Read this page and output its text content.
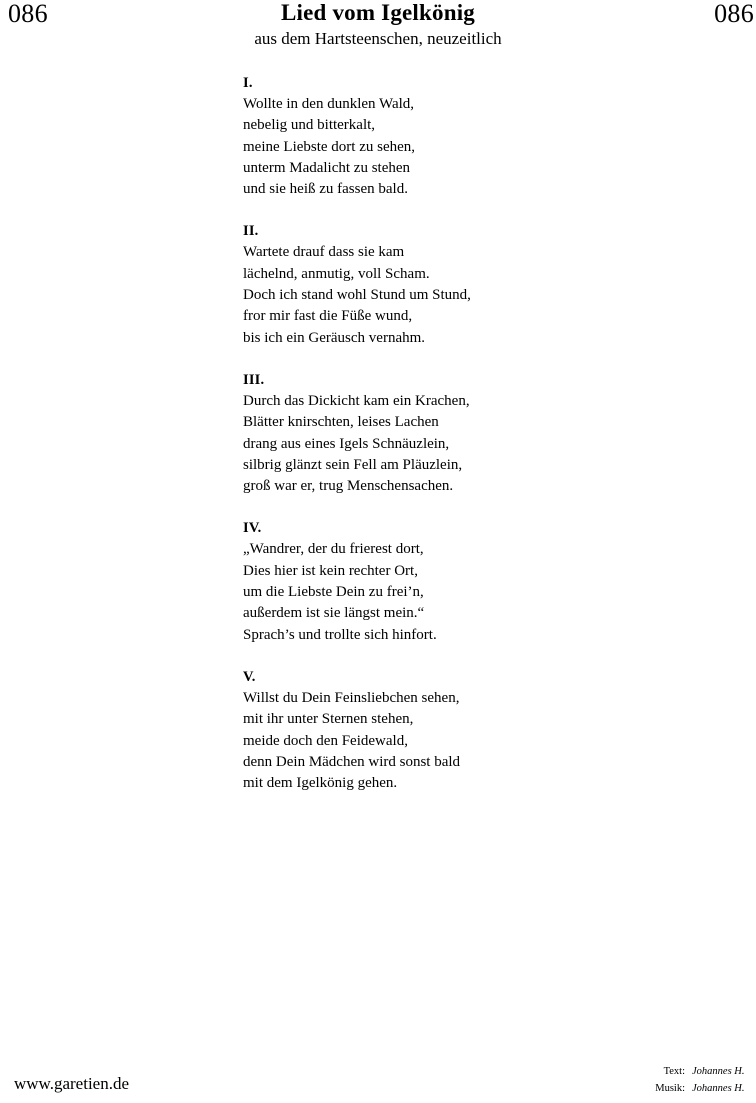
086	Lied vom Igelkönig
aus dem Hartsteenschen, neuzeitlich
086
I.
Wollte in den dunklen Wald,
nebelig und bitterkalt,
meine Liebste dort zu sehen,
unterm Madalicht zu stehen
und sie heiß zu fassen bald.
II.
Wartete drauf dass sie kam
lächelnd, anmutig, voll Scham.
Doch ich stand wohl Stund um Stund,
fror mir fast die Füße wund,
bis ich ein Geräusch vernahm.
III.
Durch das Dickicht kam ein Krachen,
Blätter knirschten, leises Lachen
drang aus eines Igels Schnäuzlein,
silbrig glänzt sein Fell am Pläuzlein,
groß war er, trug Menschensachen.
IV.
„Wandrer, der du frierest dort,
Dies hier ist kein rechter Ort,
um die Liebste Dein zu frei’n,
außerdem ist sie längst mein.“
Sprach’s und trollte sich hinfort.
V.
Willst du Dein Feinsliebchen sehen,
mit ihr unter Sternen stehen,
meide doch den Feidewald,
denn Dein Mädchen wird sonst bald
mit dem Igelkönig gehen.
www.garetien.de
Text: Johannes H.
Musik: Johannes H.
